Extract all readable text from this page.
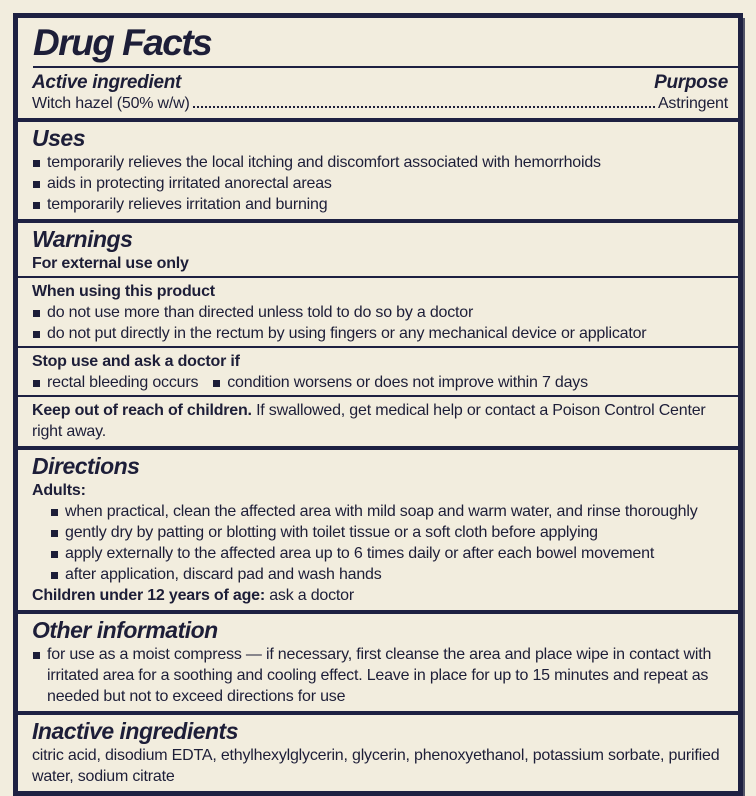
Drug Facts
Active ingredient	Purpose
Witch hazel (50% w/w)	Astringent
Uses
temporarily relieves the local itching and discomfort associated with hemorrhoids
aids in protecting irritated anorectal areas
temporarily relieves irritation and burning
Warnings

For external use only

When using this product

do not use more than directed unless told to do so by a doctor
do not put directly in the rectum by using fingers or any mechanical device or applicator

Stop use and ask a doctor if

rectal bleeding occurs condition worsens or does not improve within 7 days

Keep out of reach of children. If swallowed, get medical help or contact a Poison Control Center right away.

Directions

Adults:

when practical, clean the affected area with mild soap and warm water, and rinse thoroughly
gently dry by patting or blotting with toilet tissue or a soft cloth before applying
apply externally to the affected area up to 6 times daily or after each bowel movement
after application, discard pad and wash hands

Children under 12 years of age: ask a doctor

Other information
for use as a moist compress — if necessary, first cleanse the area and place wipe in contact with irritated area for a soothing and cooling effect. Leave in place for up to 15 minutes and repeat as needed but not to exceed directions for use
Inactive ingredients

citric acid, disodium EDTA, ethylhexylglycerin, glycerin, phenoxyethanol, potassium sorbate, purified water, sodium citrate
